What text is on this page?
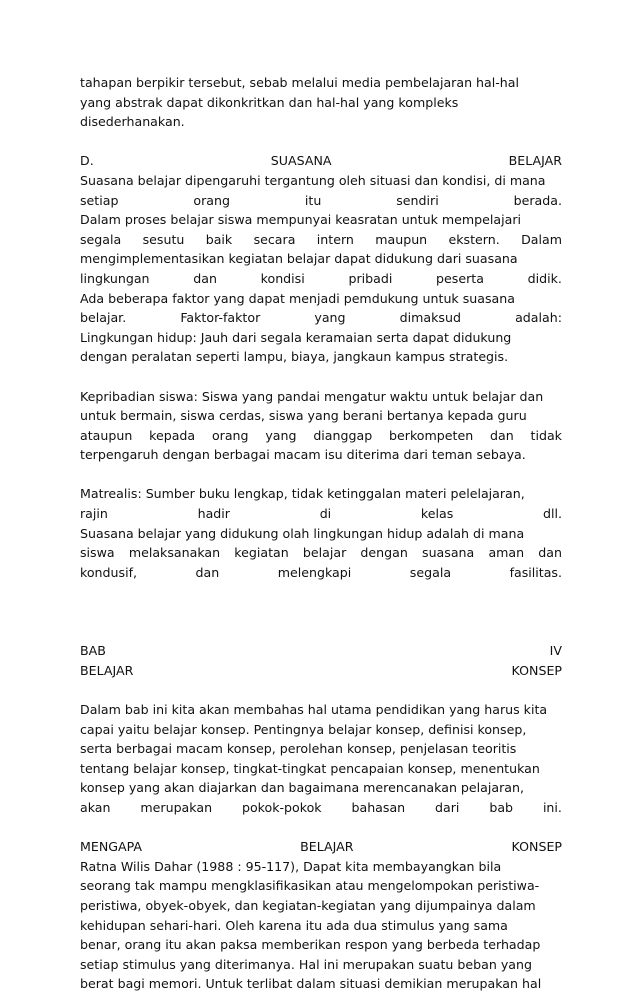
tahapan berpikir tersebut, sebab melalui media pembelajaran hal-hal
yang abstrak dapat dikonkritkan dan hal-hal yang kompleks
disederhanakan.
D.	SUASANA	BELAJAR
Suasana belajar dipengaruhi tergantung oleh situasi dan kondisi, di mana
setiap	orang	itu	sendiri	berada.
Dalam proses belajar siswa mempunyai keasratan untuk mempelajari
segala sesutu baik secara intern maupun ekstern. Dalam
mengimplementasikan kegiatan belajar dapat didukung dari suasana
lingkungan	dan	kondisi	pribadi	peserta	didik.
Ada beberapa faktor yang dapat menjadi pemdukung untuk suasana
belajar.	Faktor-faktor	yang	dimaksud	adalah:
Lingkungan hidup: Jauh dari segala keramaian serta dapat didukung
dengan peralatan seperti lampu, biaya, jangkaun kampus strategis.
Kepribadian siswa: Siswa yang pandai mengatur waktu untuk belajar dan
untuk bermain, siswa cerdas, siswa yang berani bertanya kepada guru
ataupun kepada orang yang dianggap berkompeten dan tidak
terpengaruh dengan berbagai macam isu diterima dari teman sebaya.
Matrealis: Sumber buku lengkap, tidak ketinggalan materi pelelajaran,
rajin	hadir	di	kelas	dll.
Suasana belajar yang didukung olah lingkungan hidup adalah di mana
siswa melaksanakan kegiatan belajar dengan suasana aman dan
kondusif,	dan	melengkapi	segala	fasilitas.
BAB	IV
BELAJAR	KONSEP
Dalam bab ini kita akan membahas hal utama pendidikan yang harus kita
capai yaitu belajar konsep. Pentingnya belajar konsep, definisi konsep,
serta berbagai macam konsep, perolehan konsep, penjelasan teoritis
tentang belajar konsep, tingkat-tingkat pencapaian konsep, menentukan
konsep yang akan diajarkan dan bagaimana merencanakan pelajaran,
akan merupakan pokok-pokok bahasan dari bab ini.
MENGAPA	BELAJAR	KONSEP
Ratna Wilis Dahar (1988 : 95-117), Dapat kita membayangkan bila
seorang tak mampu mengklasifikasikan atau mengelompokan peristiwa-
peristiwa, obyek-obyek, dan kegiatan-kegiatan yang dijumpainya dalam
kehidupan sehari-hari. Oleh karena itu ada dua stimulus yang sama
benar, orang itu akan paksa memberikan respon yang berbeda terhadap
setiap stimulus yang diterimanya. Hal ini merupakan suatu beban yang
berat bagi memori. Untuk terlibat dalam situasi demikian merupakan hal
